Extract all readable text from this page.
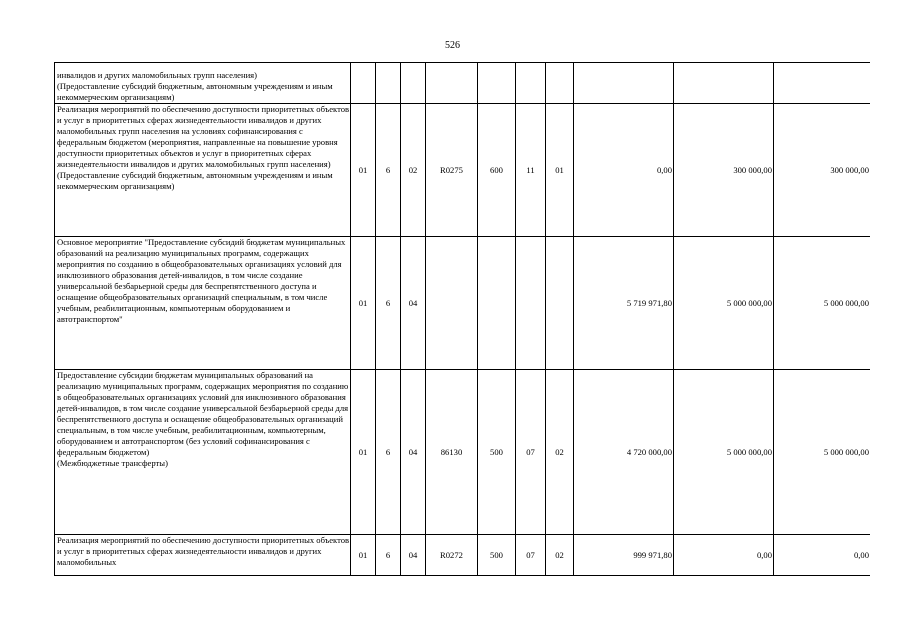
526
инвалидов и других маломобильных групп населения)
(Предоставление субсидий бюджетным, автономным учреждениям и иным некоммерческим организациям)										
Реализация мероприятий по обеспечению доступности приоритетных объектов и услуг в приоритетных сферах жизнедеятельности инвалидов и других маломобильных групп населения на условиях софинансирования с федеральным бюджетом (мероприятия, направленные на повышение уровня доступности приоритетных объектов и услуг в приоритетных сферах жизнедеятельности инвалидов и других маломобильных групп населения)
(Предоставление субсидий бюджетным, автономным учреждениям и иным некоммерческим организациям)	01	6	02	R0275	600	11	01	0,00	300 000,00	300 000,00
Основное мероприятие "Предоставление субсидий бюджетам муниципальных образований на реализацию муниципальных программ, содержащих мероприятия по созданию в общеобразовательных организациях условий для инклюзивного образования детей-инвалидов, в том числе создание универсальной безбарьерной среды для беспрепятственного доступа и оснащение общеобразовательных организаций специальным, в том числе учебным, реабилитационным, компьютерным оборудованием и автотранспортом"	01	6	04					5 719 971,80	5 000 000,00	5 000 000,00
Предоставление субсидии бюджетам муниципальных образований на реализацию муниципальных программ, содержащих мероприятия по созданию в общеобразовательных организациях условий для инклюзивного образования детей-инвалидов, в том числе создание универсальной безбарьерной среды для беспрепятственного доступа и оснащение общеобразовательных организаций специальным, в том числе учебным, реабилитационным, компьютерным, оборудованием и автотранспортом (без условий софинансирования с федеральным бюджетом)
(Межбюджетные трансферты)	01	6	04	86130	500	07	02	4 720 000,00	5 000 000,00	5 000 000,00
Реализация мероприятий по обеспечению доступности приоритетных объектов и услуг в приоритетных сферах жизнедеятельности инвалидов и других маломобильных	01	6	04	R0272	500	07	02	999 971,80	0,00	0,00
